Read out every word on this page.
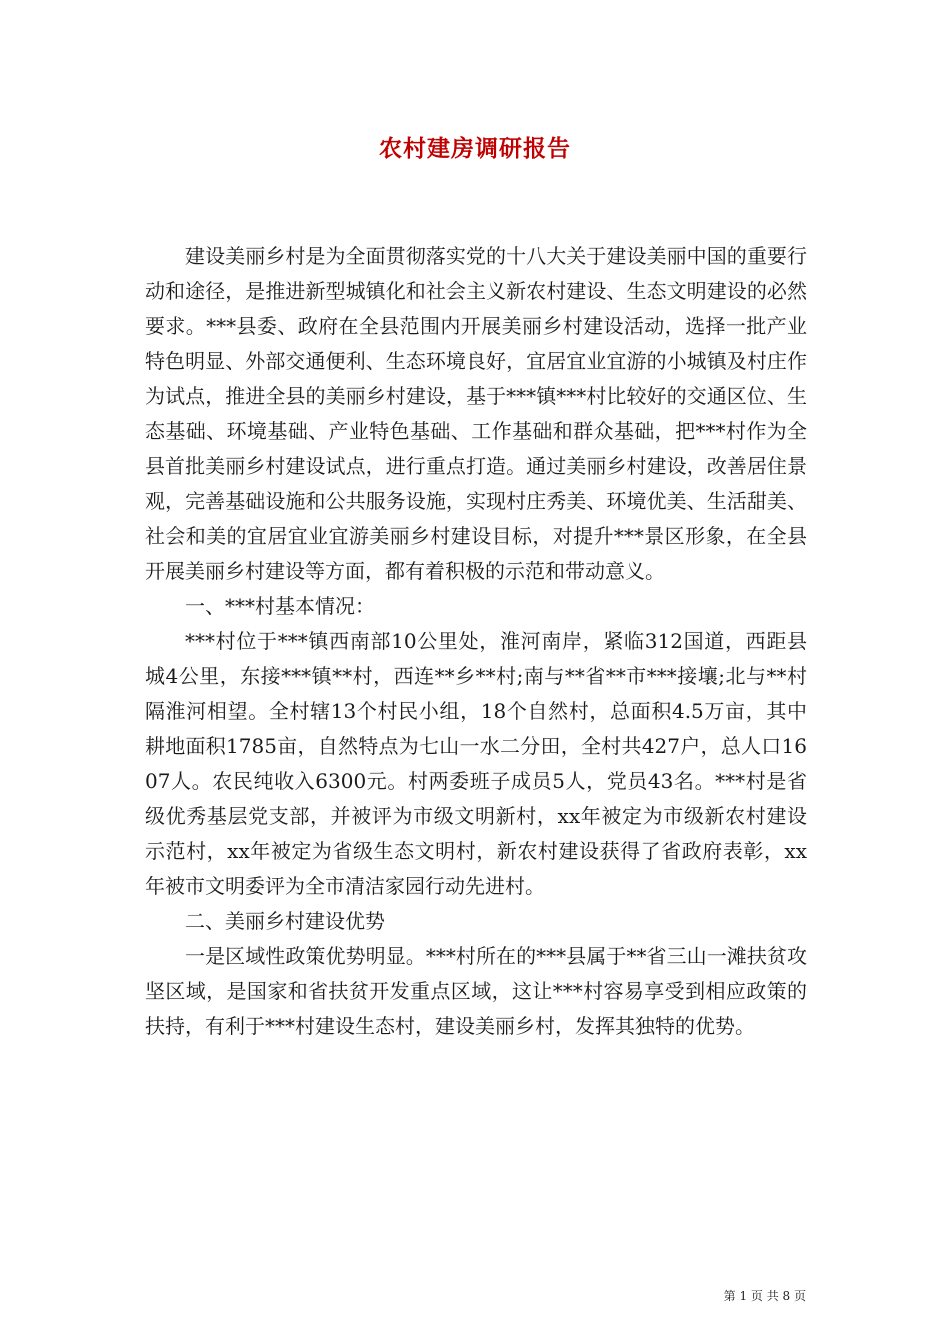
农村建房调研报告

建设美丽乡村是为全面贯彻落实党的十八大关于建设美丽中国的重要行动和途径，是推进新型城镇化和社会主义新农村建设、生态文明建设的必然要求。***县委、政府在全县范围内开展美丽乡村建设活动，选择一批产业特色明显、外部交通便利、生态环境良好，宜居宜业宜游的小城镇及村庄作为试点，推进全县的美丽乡村建设，基于***镇***村比较好的交通区位、生态基础、环境基础、产业特色基础、工作基础和群众基础，把***村作为全县首批美丽乡村建设试点，进行重点打造。通过美丽乡村建设，改善居住景观，完善基础设施和公共服务设施，实现村庄秀美、环境优美、生活甜美、社会和美的宜居宜业宜游美丽乡村建设目标，对提升***景区形象，在全县开展美丽乡村建设等方面，都有着积极的示范和带动意义。

一、***村基本情况：

***村位于***镇西南部10公里处，淮河南岸，紧临312国道，西距县城4公里，东接***镇**村，西连**乡**村;南与**省**市***接壤;北与**村隔淮河相望。全村辖13个村民小组，18个自然村，总面积4.5万亩，其中耕地面积1785亩，自然特点为七山一水二分田，全村共427户，总人口1607人。农民纯收入6300元。村两委班子成员5人，党员43名。***村是省级优秀基层党支部，并被评为市级文明新村，xx年被定为市级新农村建设示范村，xx年被定为省级生态文明村，新农村建设获得了省政府表彰，xx年被市文明委评为全市清洁家园行动先进村。

二、美丽乡村建设优势

一是区域性政策优势明显。***村所在的***县属于**省三山一滩扶贫攻坚区域，是国家和省扶贫开发重点区域，这让***村容易享受到相应政策的扶持，有利于***村建设生态村，建设美丽乡村，发挥其独特的优势。

第 1 页 共 8 页
